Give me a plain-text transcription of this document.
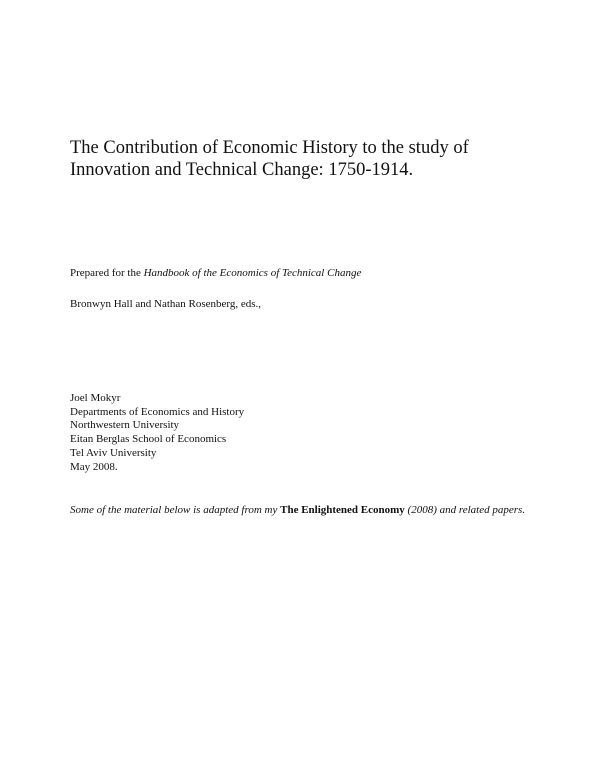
The Contribution of Economic History to the study of
Innovation and Technical Change: 1750-1914.
Prepared for the Handbook of the Economics of Technical Change
Bronwyn Hall and Nathan Rosenberg, eds.,
Joel Mokyr
Departments of Economics and History
Northwestern University
Eitan Berglas School of Economics
Tel Aviv University
May 2008.
Some of the material below is adapted from my The Enlightened Economy (2008) and related papers.
